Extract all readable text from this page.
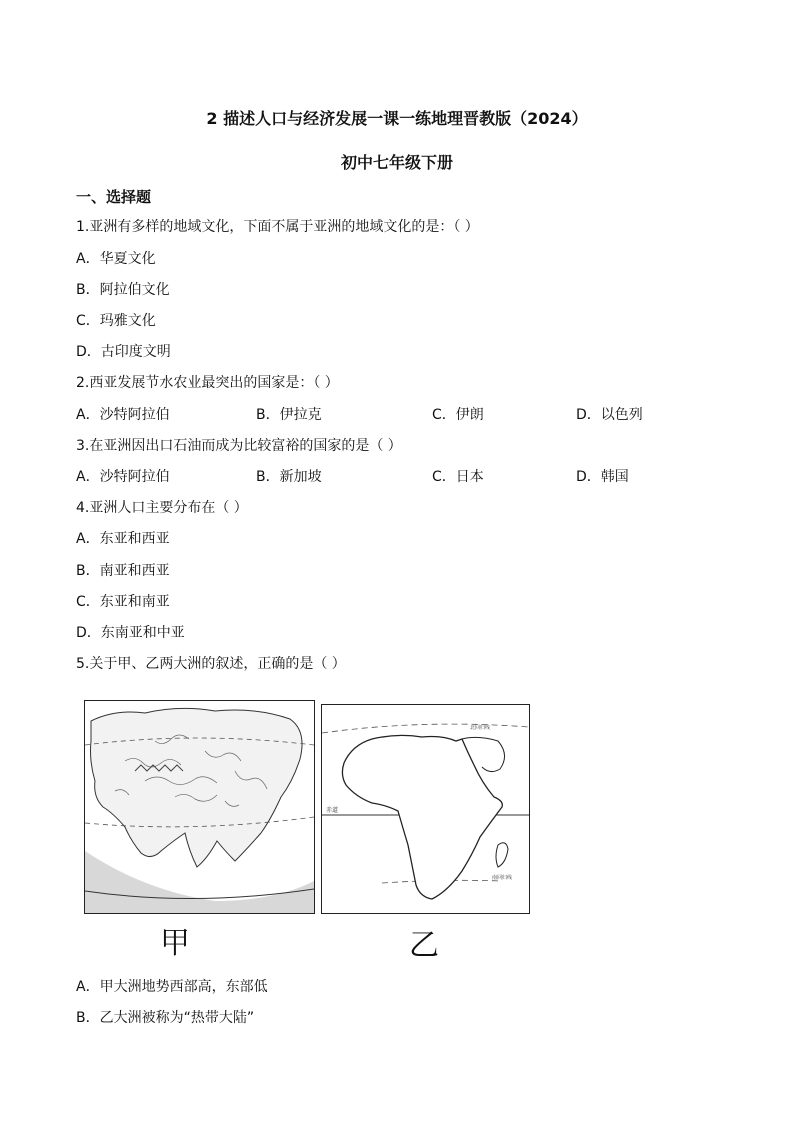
2 描述人口与经济发展一课一练地理晋教版（2024）
初中七年级下册
一、选择题
1.亚洲有多样的地域文化，下面不属于亚洲的地域文化的是：（ ）
A．华夏文化
B．阿拉伯文化
C．玛雅文化
D．古印度文明
2.西亚发展节水农业最突出的国家是：（ ）
A．沙特阿拉伯	B．伊拉克	C．伊朗	D．以色列
3.在亚洲因出口石油而成为比较富裕的国家的是（ ）
A．沙特阿拉伯	B．新加坡	C．日本	D．韩国
4.亚洲人口主要分布在（ ）
A．东亚和西亚
B．南亚和西亚
C．东亚和南亚
D．东南亚和中亚
5.关于甲、乙两大洲的叙述，正确的是（ ）
赤道
北回归线
南回归线
甲	乙
A．甲大洲地势西部高，东部低
B．乙大洲被称为“热带大陆”
